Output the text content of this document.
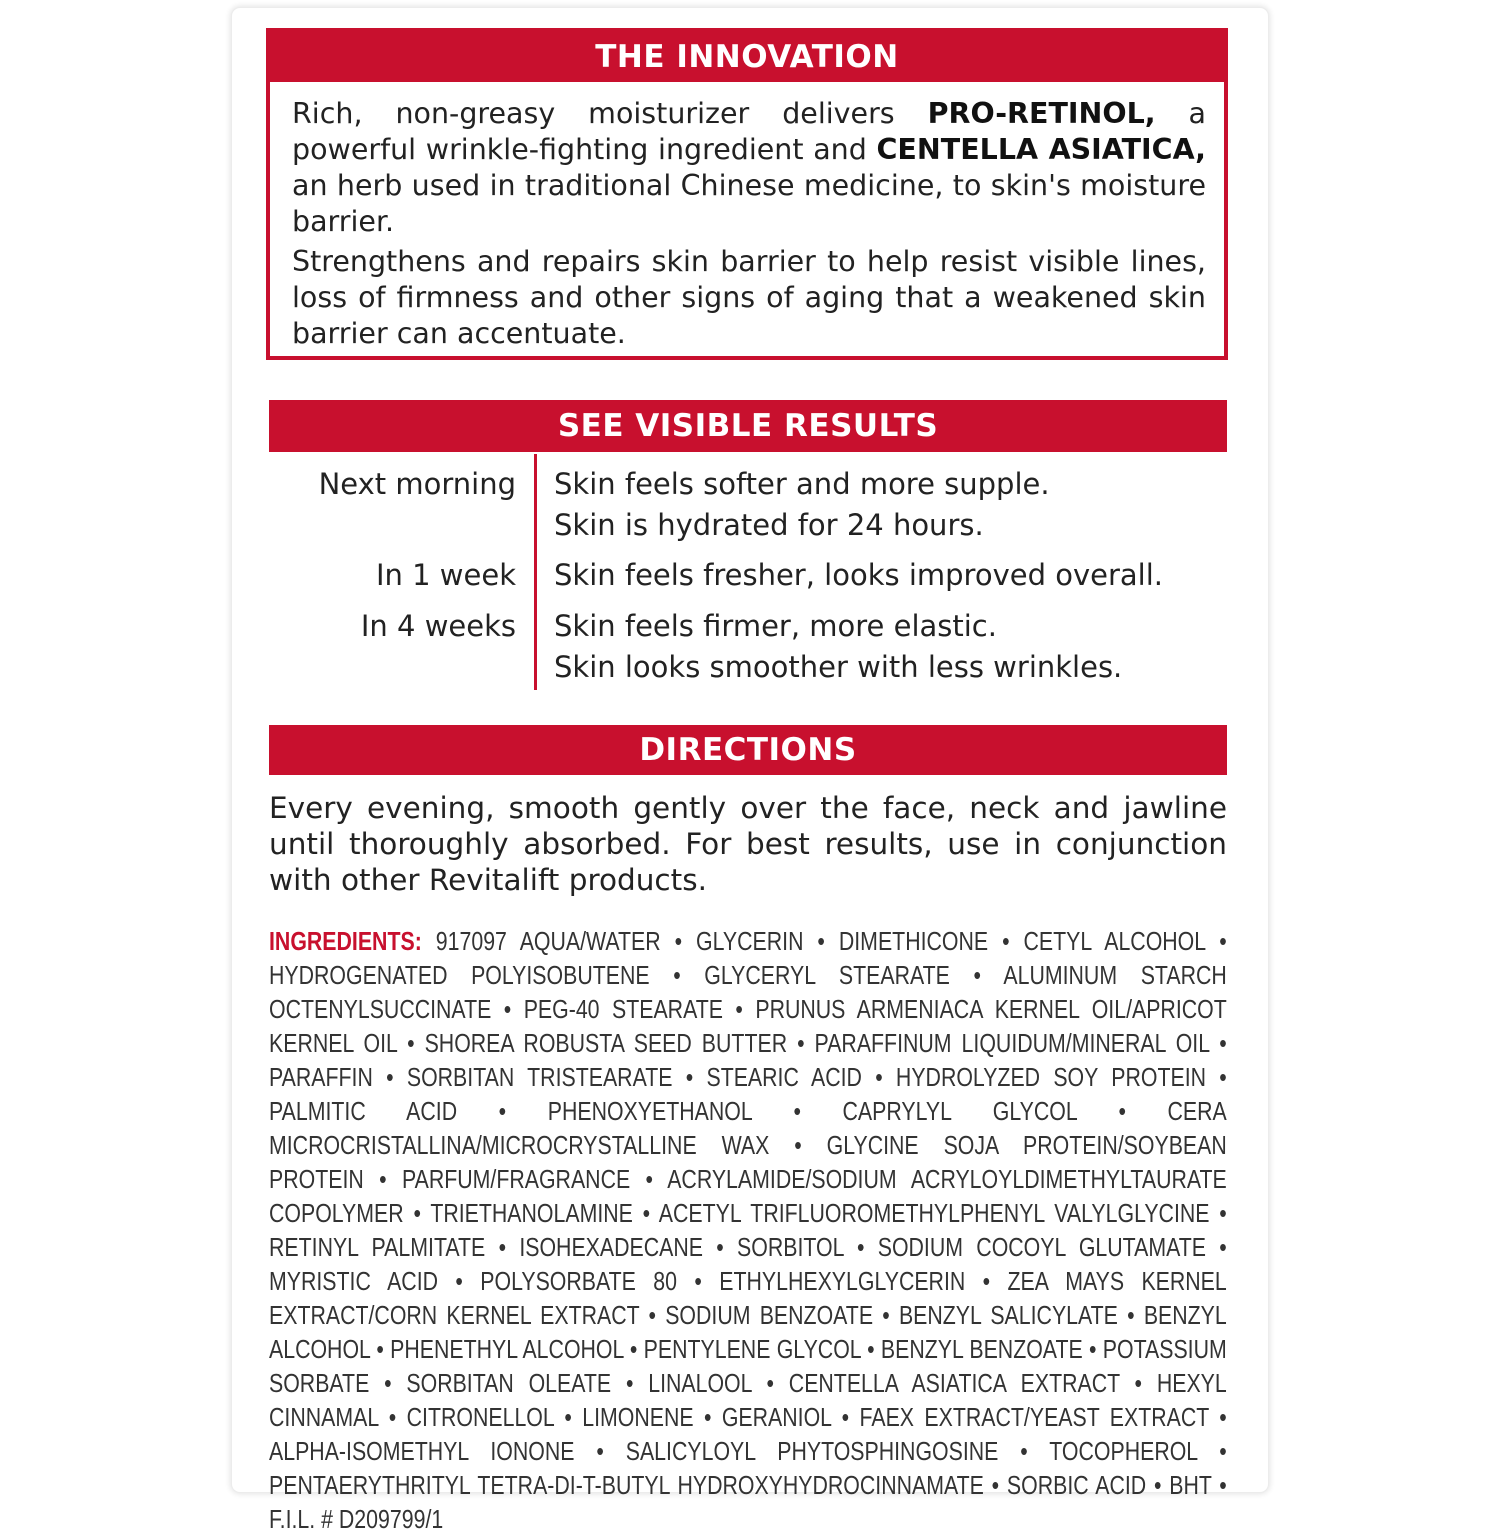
THE INNOVATION

Rich, non-greasy moisturizer delivers PRO-RETINOL, a powerful wrinkle-fighting ingredient and CENTELLA ASIATICA, an herb used in traditional Chinese medicine, to skin's moisture barrier.

Strengthens and repairs skin barrier to help resist visible lines, loss of firmness and other signs of aging that a weakened skin barrier can accentuate.

SEE VISIBLE RESULTS
Next morning Skin feels softer and more supple.
Skin is hydrated for 24 hours.
In 1 week Skin feels fresher, looks improved overall.
In 4 weeks Skin feels firmer, more elastic.
Skin looks smoother with less wrinkles.
DIRECTIONS
Every evening, smooth gently over the face, neck and jawline until thoroughly absorbed. For best results, use in conjunction with other Revitalift products.
INGREDIENTS: 917097 AQUA/WATER • GLYCERIN • DIMETHICONE • CETYL ALCOHOL • HYDROGENATED POLYISOBUTENE • GLYCERYL STEARATE • ALUMINUM STARCH OCTENYLSUCCINATE • PEG-40 STEARATE • PRUNUS ARMENIACA KERNEL OIL/APRICOT KERNEL OIL • SHOREA ROBUSTA SEED BUTTER • PARAFFINUM LIQUIDUM/MINERAL OIL • PARAFFIN • SORBITAN TRISTEARATE • STEARIC ACID • HYDROLYZED SOY PROTEIN • PALMITIC ACID • PHENOXYETHANOL • CAPRYLYL GLYCOL • CERA MICROCRISTALLINA/MICROCRYSTALLINE WAX • GLYCINE SOJA PROTEIN/SOYBEAN PROTEIN • PARFUM/FRAGRANCE • ACRYLAMIDE/SODIUM ACRYLOYLDIMETHYLTAURATE COPOLYMER • TRIETHANOLAMINE • ACETYL TRIFLUOROMETHYLPHENYL VALYLGLYCINE • RETINYL PALMITATE • ISOHEXADECANE • SORBITOL • SODIUM COCOYL GLUTAMATE • MYRISTIC ACID • POLYSORBATE 80 • ETHYLHEXYLGLYCERIN • ZEA MAYS KERNEL EXTRACT/CORN KERNEL EXTRACT • SODIUM BENZOATE • BENZYL SALICYLATE • BENZYL ALCOHOL • PHENETHYL ALCOHOL • PENTYLENE GLYCOL • BENZYL BENZOATE • POTASSIUM SORBATE • SORBITAN OLEATE • LINALOOL • CENTELLA ASIATICA EXTRACT • HEXYL CINNAMAL • CITRONELLOL • LIMONENE • GERANIOL • FAEX EXTRACT/YEAST EXTRACT • ALPHA-ISOMETHYL IONONE • SALICYLOYL PHYTOSPHINGOSINE • TOCOPHEROL • PENTAERYTHRITYL TETRA-DI-T-BUTYL HYDROXYHYDROCINNAMATE • SORBIC ACID • BHT • F.I.L. # D209799/1
